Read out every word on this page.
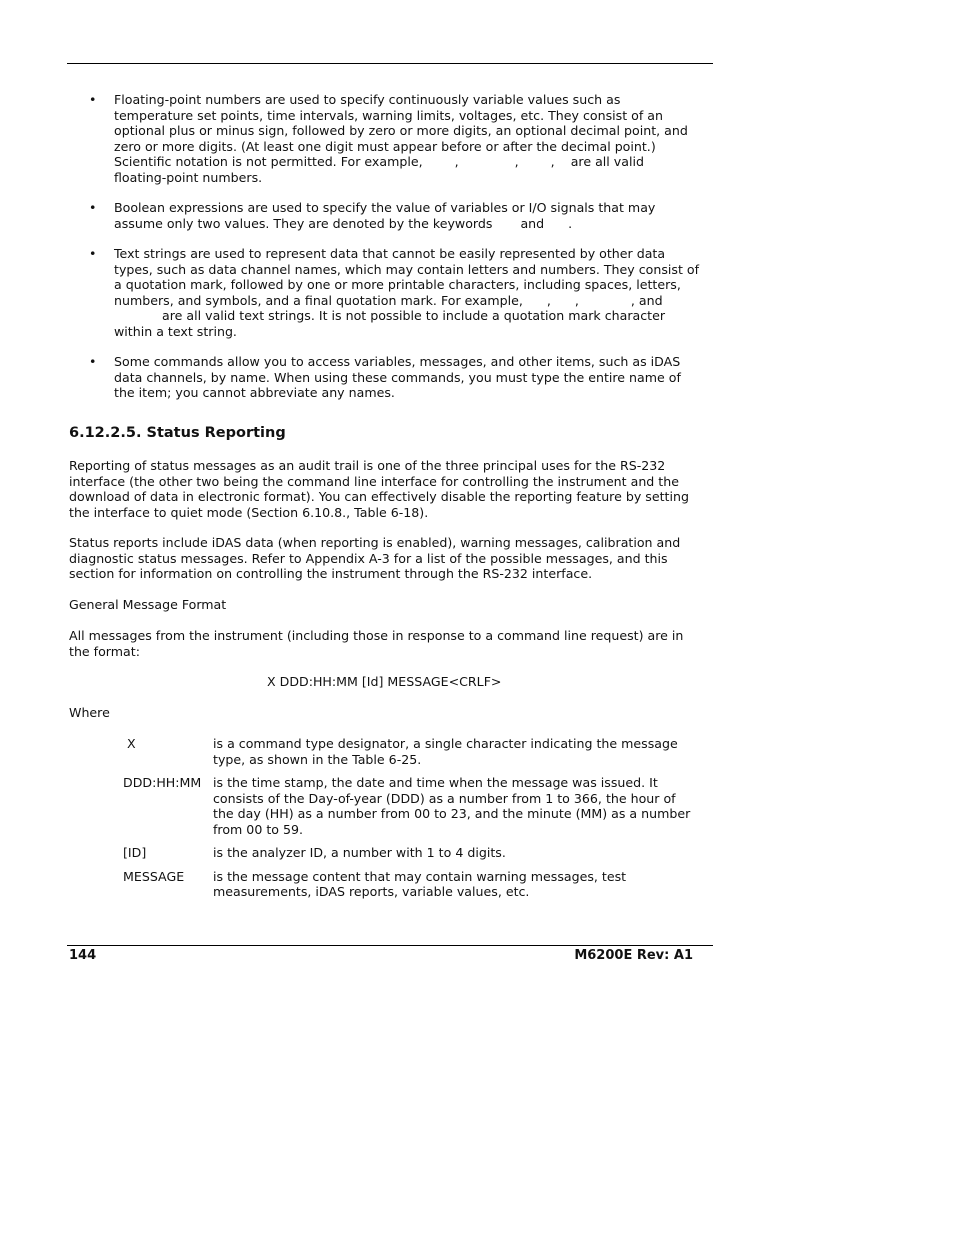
• Floating-point numbers are used to specify continuously variable values such as
temperature set points, time intervals, warning limits, voltages, etc. They consist of an
optional plus or minus sign, followed by zero or more digits, an optional decimal point, and
zero or more digits. (At least one digit must appear before or after the decimal point.)
Scientific notation is not permitted. For example,        ,              ,        ,    are all valid
floating-point numbers.
• Boolean expressions are used to specify the value of variables or I/O signals that may
assume only two values. They are denoted by the keywords       and      .
• Text strings are used to represent data that cannot be easily represented by other data
types, such as data channel names, which may contain letters and numbers. They consist of
a quotation mark, followed by one or more printable characters, including spaces, letters,
numbers, and symbols, and a final quotation mark. For example,      ,      ,             , and
are all valid text strings. It is not possible to include a quotation mark character
within a text string.
• Some commands allow you to access variables, messages, and other items, such as iDAS
data channels, by name. When using these commands, you must type the entire name of
the item; you cannot abbreviate any names.
6.12.2.5. Status Reporting
Reporting of status messages as an audit trail is one of the three principal uses for the RS-232
interface (the other two being the command line interface for controlling the instrument and the
download of data in electronic format). You can effectively disable the reporting feature by setting
the interface to quiet mode (Section 6.10.8., Table 6-18).
Status reports include iDAS data (when reporting is enabled), warning messages, calibration and
diagnostic status messages. Refer to Appendix A-3 for a list of the possible messages, and this
section for information on controlling the instrument through the RS-232 interface.
General Message Format
All messages from the instrument (including those in response to a command line request) are in
the format:
X DDD:HH:MM [Id] MESSAGE<CRLF>
Where
X	is a command type designator, a single character indicating the message
type, as shown in the Table 6-25.
DDD:HH:MM is the time stamp, the date and time when the message was issued. It
consists of the Day-of-year (DDD) as a number from 1 to 366, the hour of
the day (HH) as a number from 00 to 23, and the minute (MM) as a number
from 00 to 59.
[ID]	is the analyzer ID, a number with 1 to 4 digits.
MESSAGE is the message content that may contain warning messages, test
measurements, iDAS reports, variable values, etc.
144	M6200E Rev: A1
